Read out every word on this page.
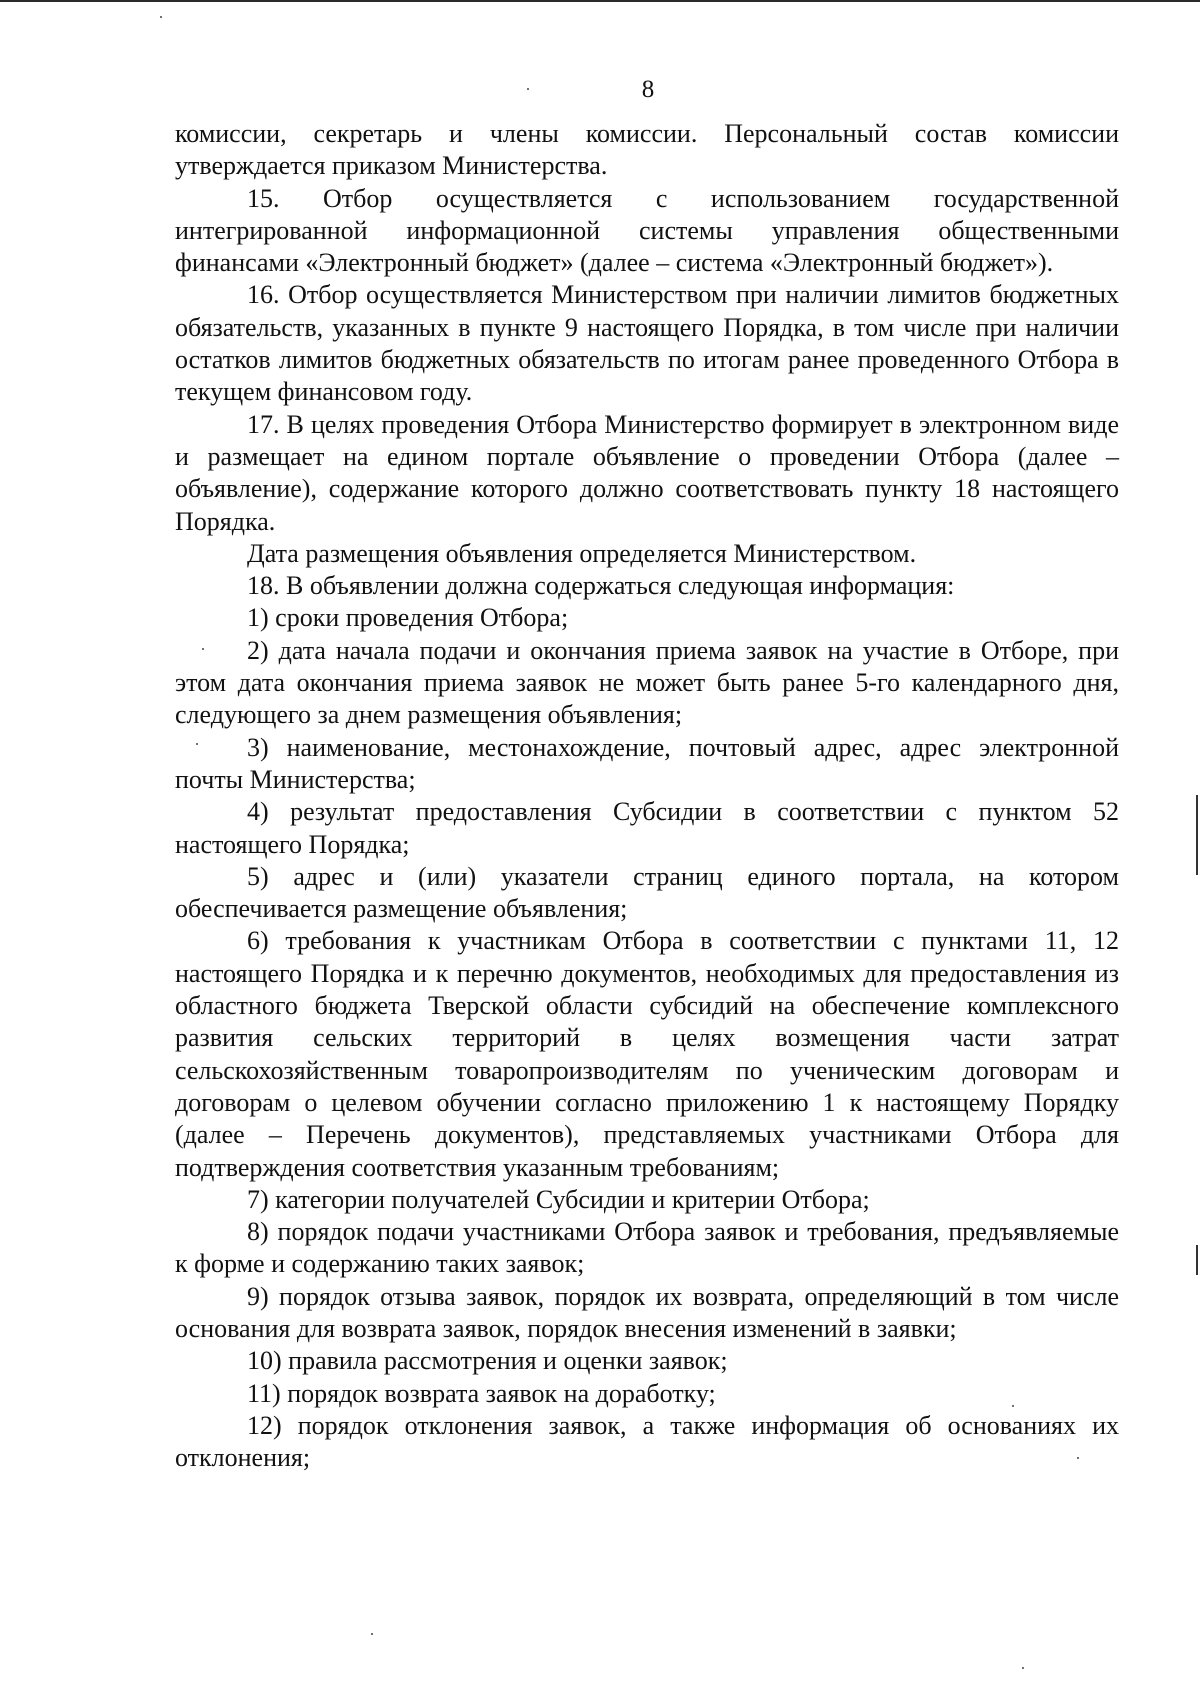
8

комиссии, секретарь и члены комиссии. Персональный состав комиссии утверждается приказом Министерства.

15. Отбор осуществляется с использованием государственной интегрированной информационной системы управления общественными финансами «Электронный бюджет» (далее – система «Электронный бюджет»).

16. Отбор осуществляется Министерством при наличии лимитов бюджетных обязательств, указанных в пункте 9 настоящего Порядка, в том числе при наличии остатков лимитов бюджетных обязательств по итогам ранее проведенного Отбора в текущем финансовом году.

17. В целях проведения Отбора Министерство формирует в электронном виде и размещает на едином портале объявление о проведении Отбора (далее – объявление), содержание которого должно соответствовать пункту 18 настоящего Порядка.

Дата размещения объявления определяется Министерством.

18. В объявлении должна содержаться следующая информация:

1) сроки проведения Отбора;

2) дата начала подачи и окончания приема заявок на участие в Отборе, при этом дата окончания приема заявок не может быть ранее 5-го календарного дня, следующего за днем размещения объявления;

3) наименование, местонахождение, почтовый адрес, адрес электронной почты Министерства;

4) результат предоставления Субсидии в соответствии с пунктом 52 настоящего Порядка;

5) адрес и (или) указатели страниц единого портала, на котором обеспечивается размещение объявления;

6) требования к участникам Отбора в соответствии с пунктами 11, 12 настоящего Порядка и к перечню документов, необходимых для предоставления из областного бюджета Тверской области субсидий на обеспечение комплексного развития сельских территорий в целях возмещения части затрат сельскохозяйственным товаропроизводителям по ученическим договорам и договорам о целевом обучении согласно приложению 1 к настоящему Порядку (далее – Перечень документов), представляемых участниками Отбора для подтверждения соответствия указанным требованиям;

7) категории получателей Субсидии и критерии Отбора;

8) порядок подачи участниками Отбора заявок и требования, предъявляемые к форме и содержанию таких заявок;

9) порядок отзыва заявок, порядок их возврата, определяющий в том числе основания для возврата заявок, порядок внесения изменений в заявки;

10) правила рассмотрения и оценки заявок;

11) порядок возврата заявок на доработку;

12) порядок отклонения заявок, а также информация об основаниях их отклонения;
